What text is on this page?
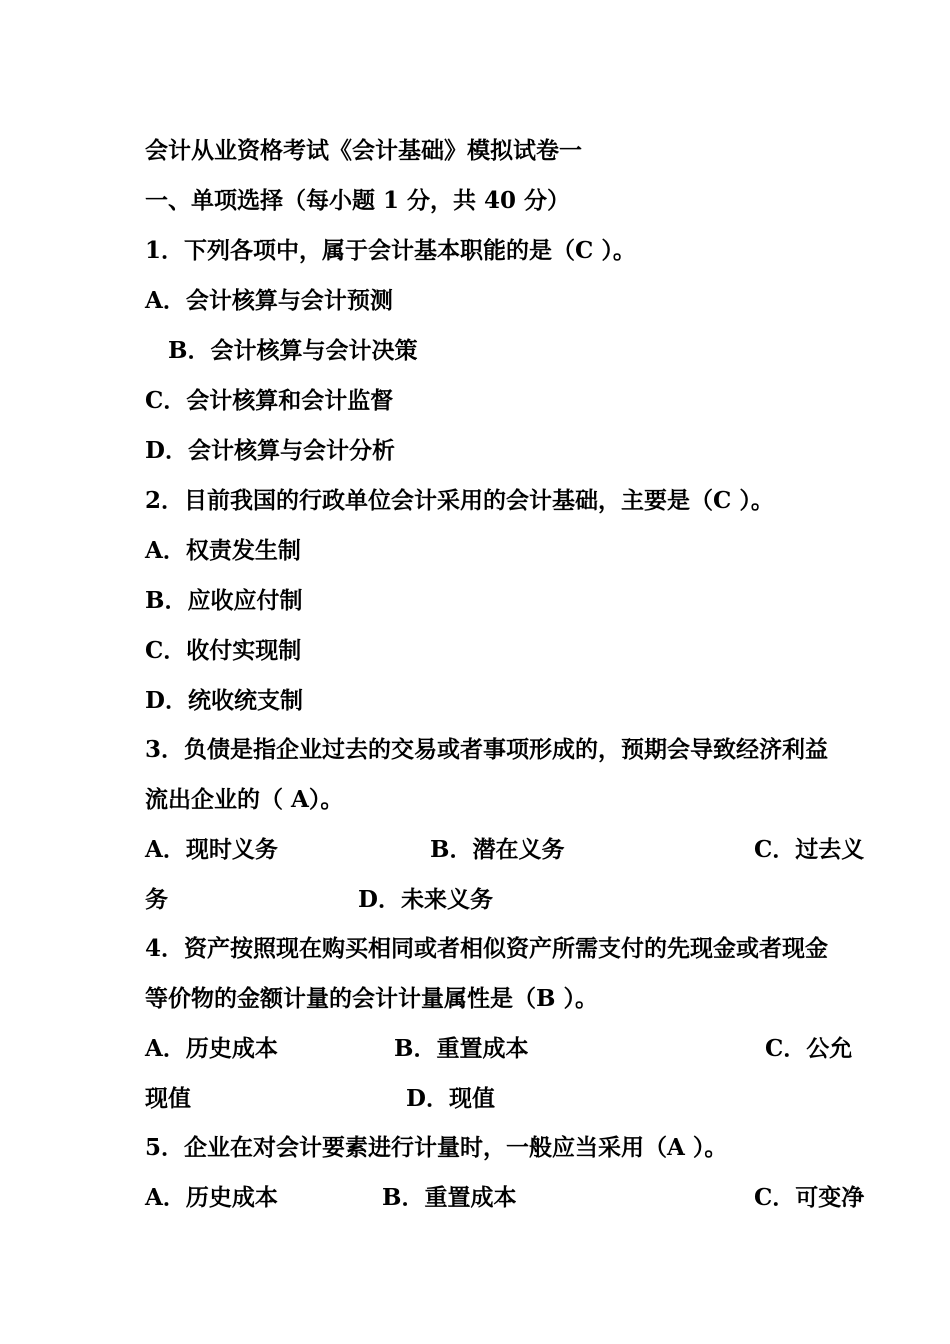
会计从业资格考试《会计基础》模拟试卷一
一、单项选择（每小题 1 分，共 40 分）
1．下列各项中，属于会计基本职能的是（C ）。
A．会计核算与会计预测
B．会计核算与会计决策
C．会计核算和会计监督
D．会计核算与会计分析
2．目前我国的行政单位会计采用的会计基础，主要是（C ）。
A．权责发生制
B．应收应付制
C．收付实现制
D．统收统支制
3．负债是指企业过去的交易或者事项形成的，预期会导致经济利益
流出企业的（ A）。
A．现时义务	B．潜在义务	C．过去义
务	D．未来义务
4．资产按照现在购买相同或者相似资产所需支付的先现金或者现金
等价物的金额计量的会计计量属性是（B ）。
A．历史成本	B．重置成本	C．公允
现值	D．现值
5．企业在对会计要素进行计量时，一般应当采用（A ）。
A．历史成本	B．重置成本	C．可变净
